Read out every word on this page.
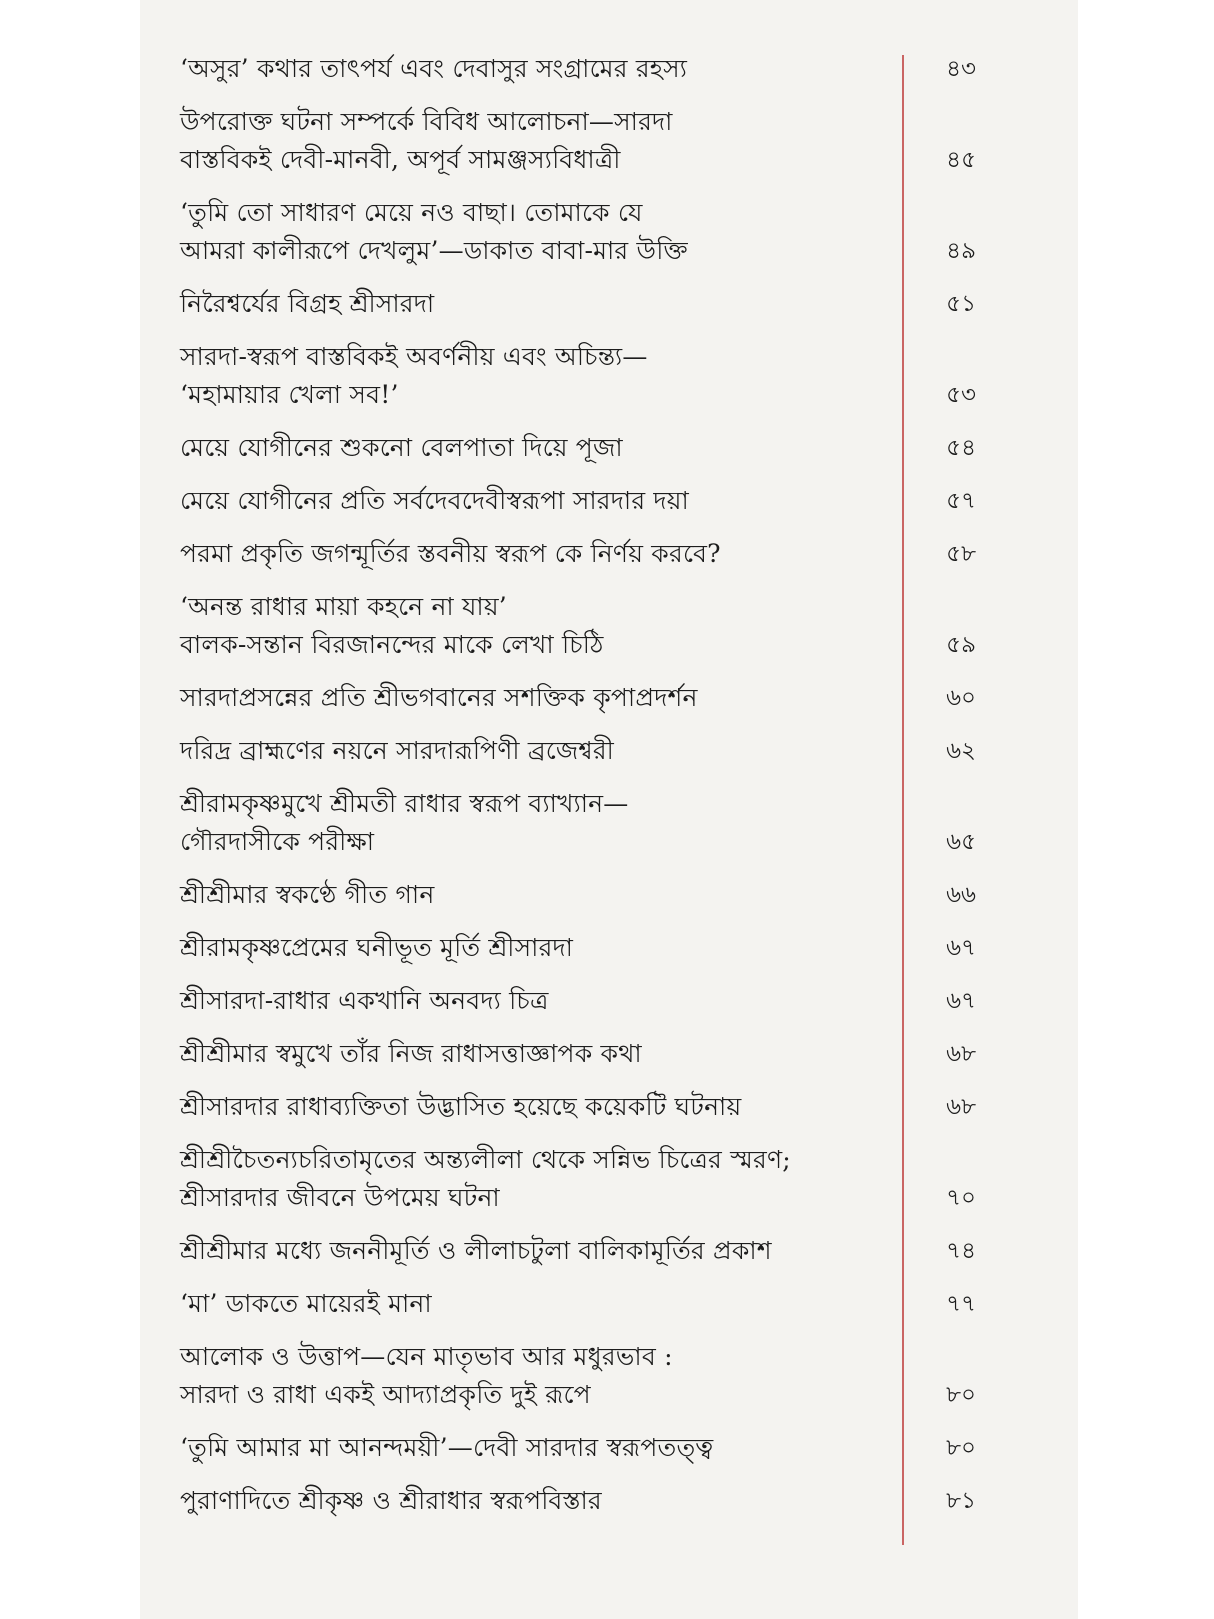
‘অসুর’ কথার তাৎপর্য এবং দেবাসুর সংগ্রামের রহস্য	৪৩
উপরোক্ত ঘটনা সম্পর্কে বিবিধ আলোচনা—সারদা
বাস্তবিকই দেবী-মানবী, অপূর্ব সামঞ্জস্যবিধাত্রী	৪৫
‘তুমি তো সাধারণ মেয়ে নও বাছা। তোমাকে যে
আমরা কালীরূপে দেখলুম’—ডাকাত বাবা-মার উক্তি	৪৯
নিরৈশ্বর্যের বিগ্রহ শ্রীসারদা	৫১
সারদা-স্বরূপ বাস্তবিকই অবর্ণনীয় এবং অচিন্ত্য—
‘মহামায়ার খেলা সব!’	৫৩
মেয়ে যোগীনের শুকনো বেলপাতা দিয়ে পূজা	৫৪
মেয়ে যোগীনের প্রতি সর্বদেবদেবীস্বরূপা সারদার দয়া	৫৭
পরমা প্রকৃতি জগন্মূর্তির স্তবনীয় স্বরূপ কে নির্ণয় করবে?	৫৮
‘অনন্ত রাধার মায়া কহনে না যায়’
বালক-সন্তান বিরজানন্দের মাকে লেখা চিঠি	৫৯
সারদাপ্রসন্নের প্রতি শ্রীভগবানের সশক্তিক কৃপাপ্রদর্শন	৬০
দরিদ্র ব্রাহ্মণের নয়নে সারদারূপিণী ব্রজেশ্বরী	৬২
শ্রীরামকৃষ্ণমুখে শ্রীমতী রাধার স্বরূপ ব্যাখ্যান—
গৌরদাসীকে পরীক্ষা	৬৫
শ্রীশ্রীমার স্বকণ্ঠে গীত গান	৬৬
শ্রীরামকৃষ্ণপ্রেমের ঘনীভূত মূর্তি শ্রীসারদা	৬৭
শ্রীসারদা-রাধার একখানি অনবদ্য চিত্র	৬৭
শ্রীশ্রীমার স্বমুখে তাঁর নিজ রাধাসত্তাজ্ঞাপক কথা	৬৮
শ্রীসারদার রাধাব্যক্তিতা উদ্ভাসিত হয়েছে কয়েকটি ঘটনায়	৬৮
শ্রীশ্রীচৈতন্যচরিতামৃতের অন্ত্যলীলা থেকে সন্নিভ চিত্রের স্মরণ;
শ্রীসারদার জীবনে উপমেয় ঘটনা	৭০
শ্রীশ্রীমার মধ্যে জননীমূর্তি ও লীলাচটুলা বালিকামূর্তির প্রকাশ	৭৪
‘মা’ ডাকতে মায়েরই মানা	৭৭
আলোক ও উত্তাপ—যেন মাতৃভাব আর মধুরভাব :
সারদা ও রাধা একই আদ্যাপ্রকৃতি দুই রূপে	৮০
‘তুমি আমার মা আনন্দময়ী’—দেবী সারদার স্বরূপতত্ত্ব	৮০
পুরাণাদিতে শ্রীকৃষ্ণ ও শ্রীরাধার স্বরূপবিস্তার	৮১
